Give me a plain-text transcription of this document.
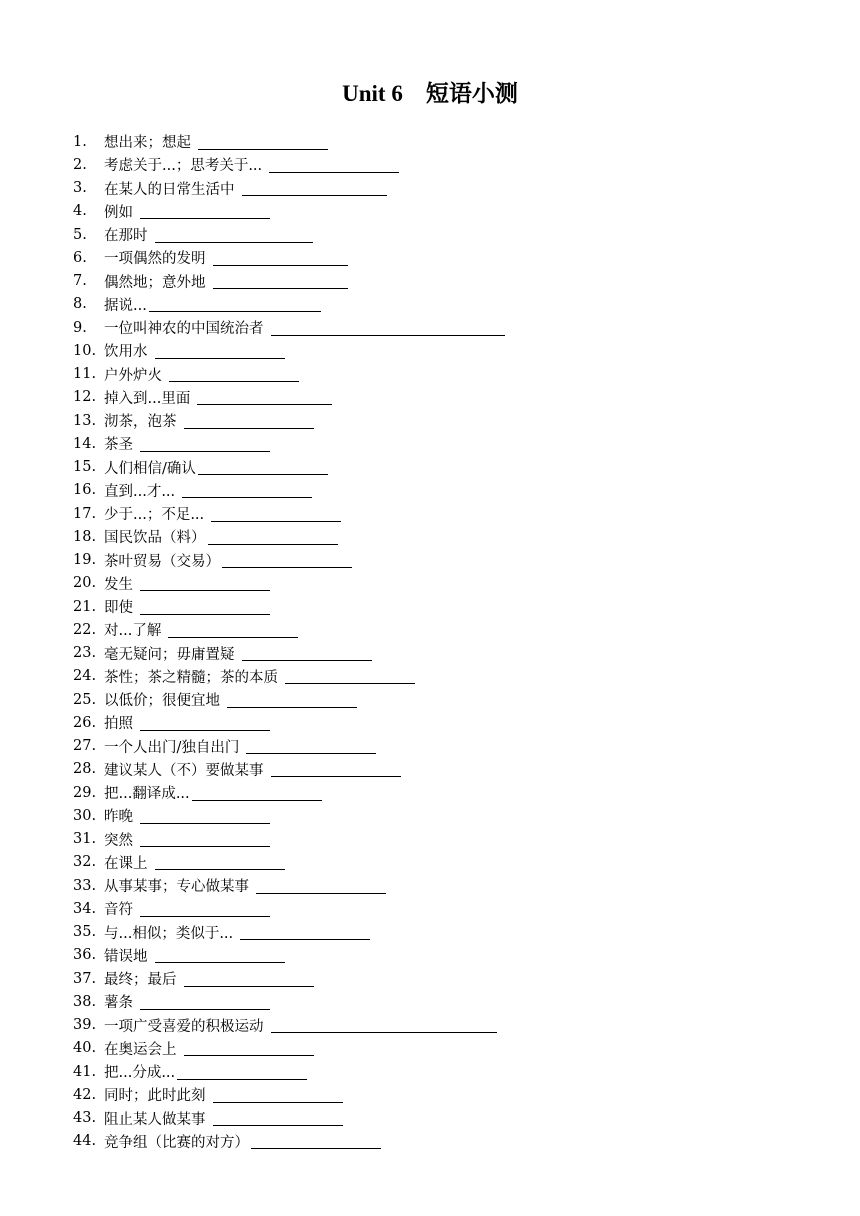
Unit 6　短语小测
1.	想出来；想起
2.	考虑关于...；思考关于...
3.	在某人的日常生活中
4.	例如
5.	在那时
6.	一项偶然的发明
7.	偶然地；意外地
8.	据说...
9.	一位叫神农的中国统治者
10. 饮用水
11. 户外炉火
12. 掉入到...里面
13. 沏茶，泡茶
14. 茶圣
15. 人们相信/确认
16. 直到...才...
17. 少于...；不足...
18. 国民饮品（料）
19. 茶叶贸易（交易）
20. 发生
21. 即使
22. 对...了解
23. 毫无疑问；毋庸置疑
24. 茶性；茶之精髓；茶的本质
25. 以低价；很便宜地
26. 拍照
27. 一个人出门/独自出门
28. 建议某人（不）要做某事
29. 把...翻译成...
30. 昨晚
31. 突然
32. 在课上
33. 从事某事；专心做某事
34. 音符
35. 与...相似；类似于...
36. 错误地
37. 最终；最后
38. 薯条
39. 一项广受喜爱的积极运动
40. 在奥运会上
41. 把...分成...
42. 同时；此时此刻
43. 阻止某人做某事
44. 竞争组（比赛的对方）
